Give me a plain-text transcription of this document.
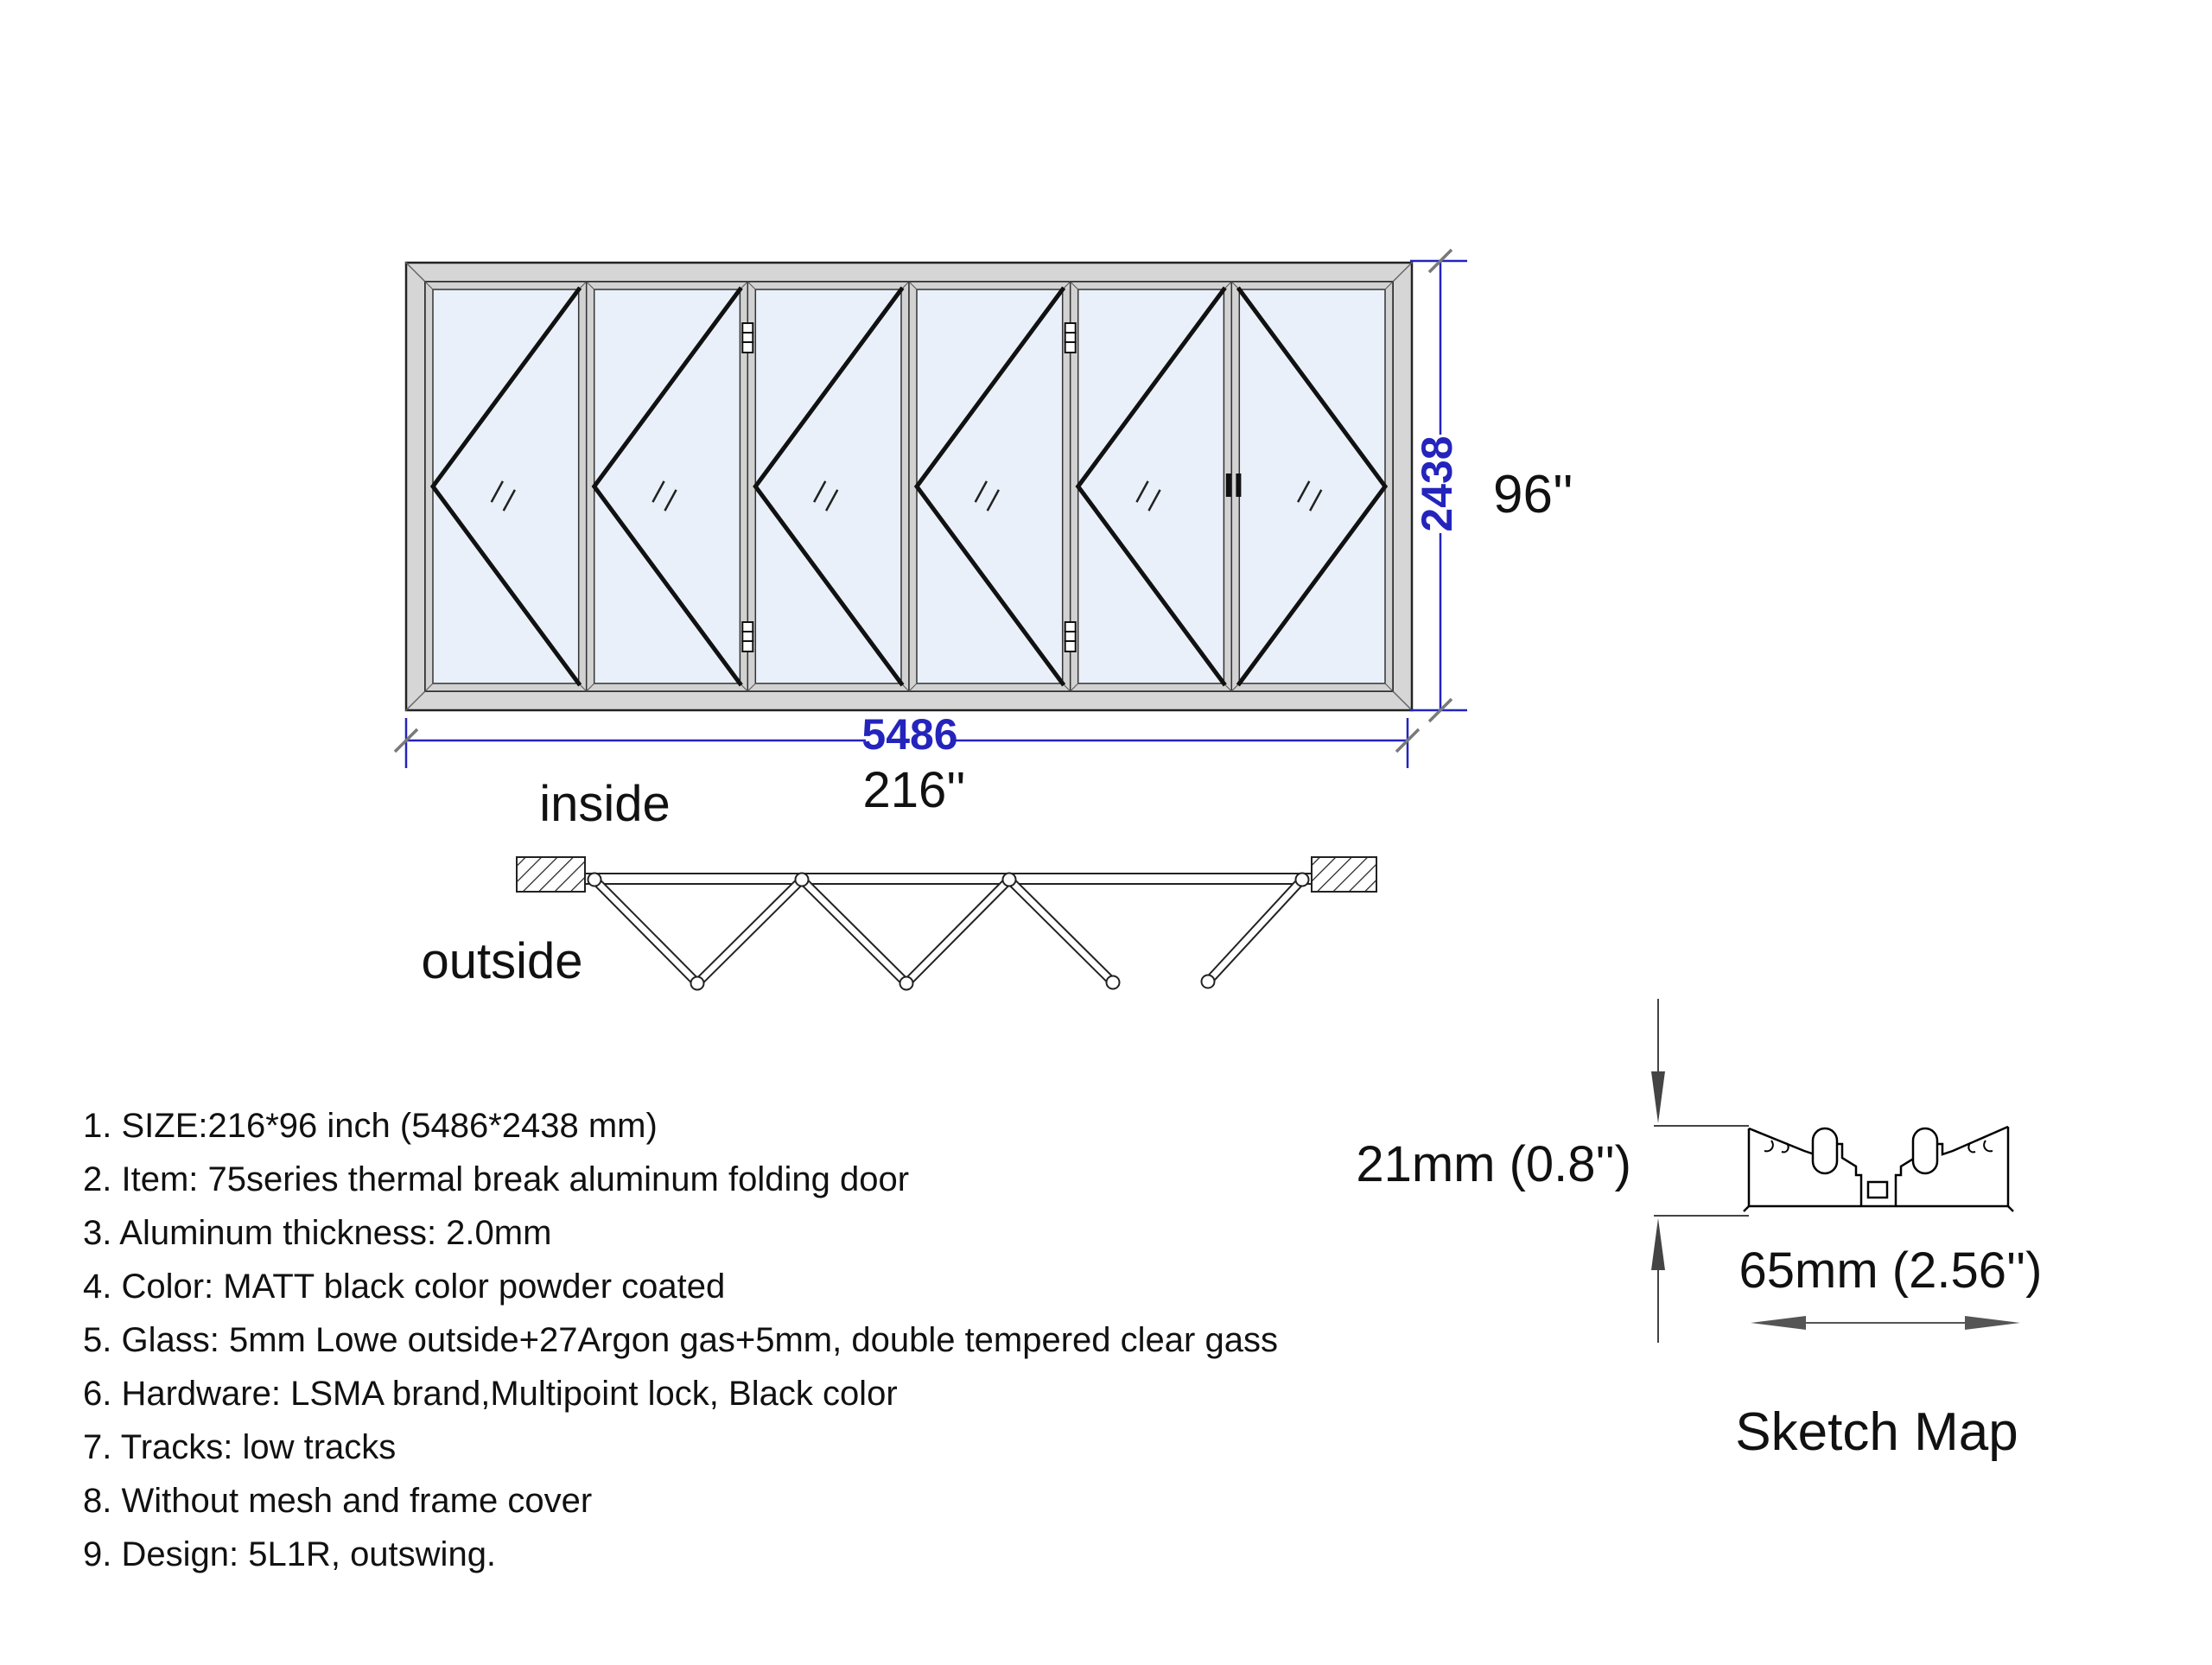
5486
216''
2438 96''
inside
outside
21mm (0.8'')
65mm (2.56'')
Sketch Map
1. SIZE:216*96 inch (5486*2438 mm)
2. Item: 75series thermal break aluminum folding door
3. Aluminum thickness: 2.0mm
4. Color: MATT black color powder coated
5. Glass: 5mm Lowe outside+27Argon gas+5mm, double tempered clear gass
6. Hardware: LSMA brand,Multipoint lock, Black color
7. Tracks: low tracks
8. Without mesh and frame cover
9. Design: 5L1R, outswing.
